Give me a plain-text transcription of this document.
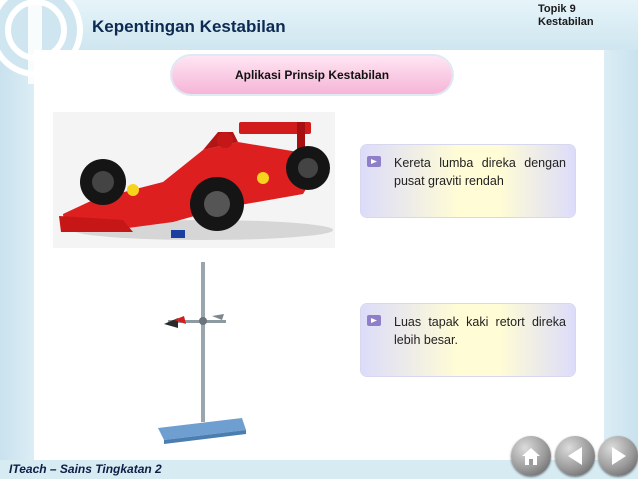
Kepentingan Kestabilan
Topik 9
Kestabilan
Aplikasi Prinsip Kestabilan
Kereta lumba direka dengan pusat graviti rendah
Luas tapak kaki retort direka lebih besar.
ITeach – Sains Tingkatan 2
